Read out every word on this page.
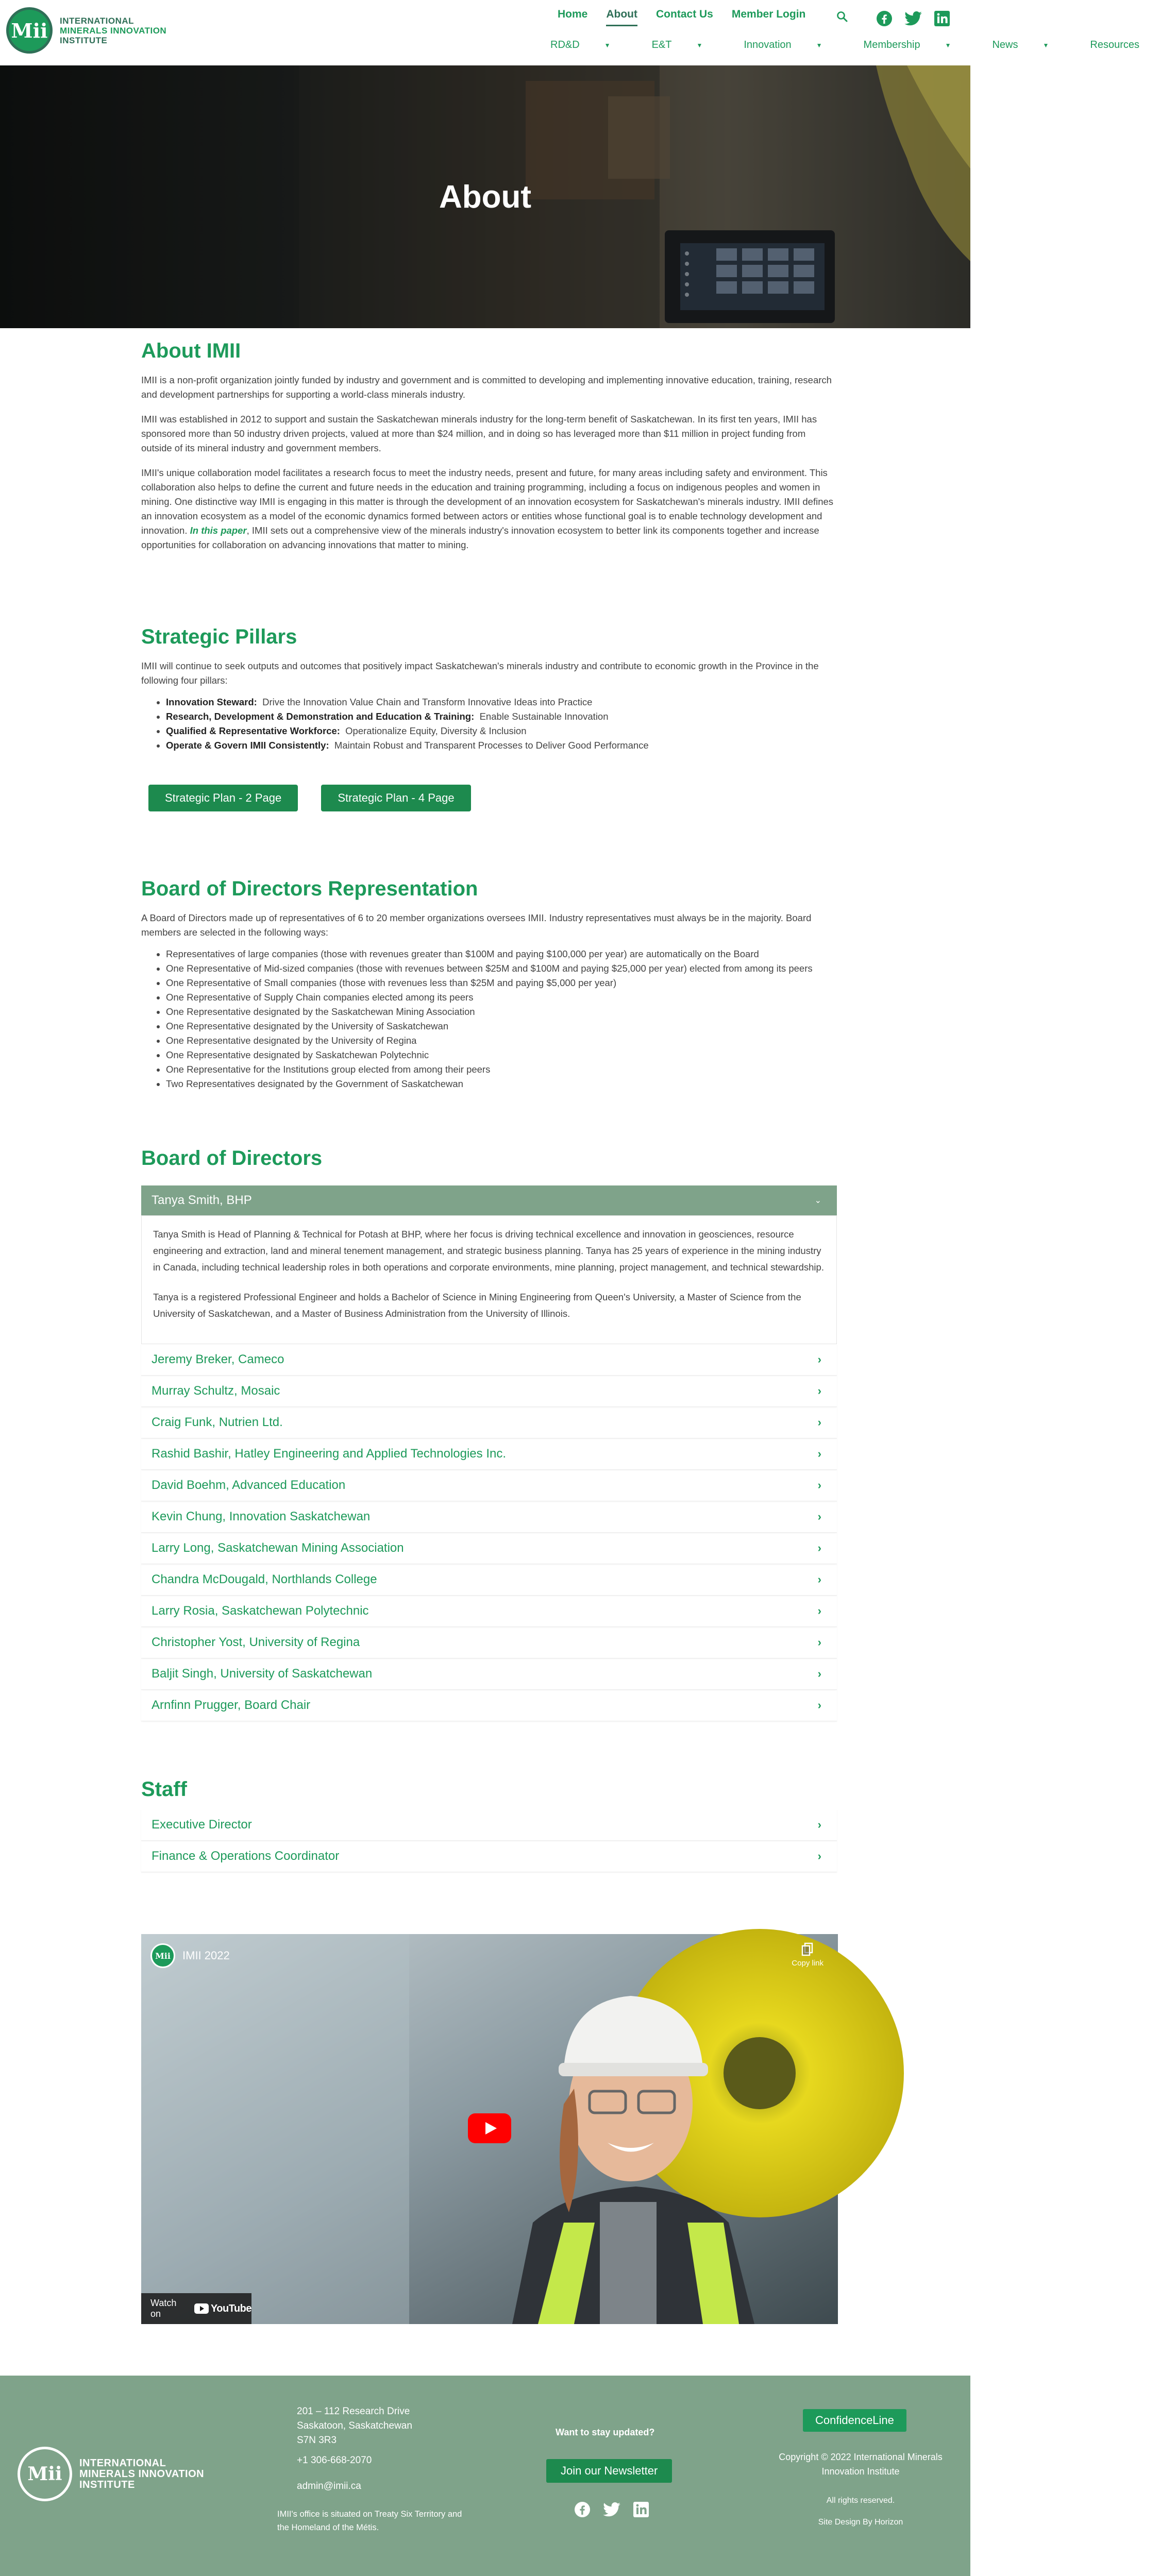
Mii	INTERNATIONAL
MINERALS INNOVATION
INSTITUTE
Home About Contact Us Member Login
RD&D	▼	E&T	▼	Innovation	▼	Membership	▼	News	▼	Resources
About
About IMII

IMII is a non-profit organization jointly funded by industry and government and is committed to developing and implementing innovative education, training, research and development partnerships for supporting a world-class minerals industry.

IMII was established in 2012 to support and sustain the Saskatchewan minerals industry for the long-term benefit of Saskatchewan. In its first ten years, IMII has sponsored more than 50 industry driven projects, valued at more than $24 million, and in doing so has leveraged more than $11 million in project funding from outside of its mineral industry and government members.

IMII's unique collaboration model facilitates a research focus to meet the industry needs, present and future, for many areas including safety and environment. This collaboration also helps to define the current and future needs in the education and training programming, including a focus on indigenous peoples and women in mining. One distinctive way IMII is engaging in this matter is through the development of an innovation ecosystem for Saskatchewan's minerals industry. IMII defines an innovation ecosystem as a model of the economic dynamics formed between actors or entities whose functional goal is to enable technology development and innovation. In this paper, IMII sets out a comprehensive view of the minerals industry's innovation ecosystem to better link its components together and increase opportunities for collaboration on advancing innovations that matter to mining.

Strategic Pillars

IMII will continue to seek outputs and outcomes that positively impact Saskatchewan's minerals industry and contribute to economic growth in the Province in the following four pillars:

• Innovation Steward: Drive the Innovation Value Chain and Transform Innovative Ideas into Practice
• Research, Development & Demonstration and Education & Training: Enable Sustainable Innovation
• Qualified & Representative Workforce: Operationalize Equity, Diversity & Inclusion
• Operate & Govern IMII Consistently: Maintain Robust and Transparent Processes to Deliver Good Performance
Strategic Plan - 2 Page	Strategic Plan - 4 Page
Board of Directors Representation

A Board of Directors made up of representatives of 6 to 20 member organizations oversees IMII. Industry representatives must always be in the majority. Board members are selected in the following ways:

• Representatives of large companies (those with revenues greater than $100M and paying $100,000 per year) are automatically on the Board
• One Representative of Mid-sized companies (those with revenues between $25M and $100M and paying $25,000 per year) elected from among its peers
• One Representative of Small companies (those with revenues less than $25M and paying $5,000 per year)
• One Representative of Supply Chain companies elected among its peers
• One Representative designated by the Saskatchewan Mining Association
• One Representative designated by the University of Saskatchewan
• One Representative designated by the University of Regina
• One Representative designated by Saskatchewan Polytechnic
• One Representative for the Institutions group elected from among their peers
• Two Representatives designated by the Government of Saskatchewan
Board of Directors
Tanya Smith, BHP	⌄

Tanya Smith is Head of Planning & Technical for Potash at BHP, where her focus is driving technical excellence and innovation in geosciences, resource engineering and extraction, land and mineral tenement management, and strategic business planning. Tanya has 25 years of experience in the mining industry in Canada, including technical leadership roles in both operations and corporate environments, mine planning, project management, and technical stewardship.

Tanya is a registered Professional Engineer and holds a Bachelor of Science in Mining Engineering from Queen's University, a Master of Science from the University of Saskatchewan, and a Master of Business Administration from the University of Illinois.

Jeremy Breker, Cameco	›
Murray Schultz, Mosaic	›
Craig Funk, Nutrien Ltd.	›
Rashid Bashir, Hatley Engineering and Applied Technologies Inc.	›
David Boehm, Advanced Education	›
Kevin Chung, Innovation Saskatchewan	›
Larry Long, Saskatchewan Mining Association	›
Chandra McDougald, Northlands College	›
Larry Rosia, Saskatchewan Polytechnic	›
Christopher Yost, University of Regina	›
Baljit Singh, University of Saskatchewan	›
Arnfinn Prugger, Board Chair	›
Staff
Executive Director	›
Finance & Operations Coordinator	›
Mii	IMII 2022
Copy link
Watch on	YouTube
Mii
INTERNATIONAL
MINERALS INNOVATION
INSTITUTE
201 – 112 Research Drive
Saskatoon, Saskatchewan
S7N 3R3
+1 306-668-2070
admin@imii.ca
IMII's office is situated on Treaty Six Territory and
the Homeland of the Métis.
Want to stay updated?
Join our Newsletter
ConfidenceLine
Copyright © 2022 International Minerals
Innovation Institute
All rights reserved.
Site Design By Horizon
